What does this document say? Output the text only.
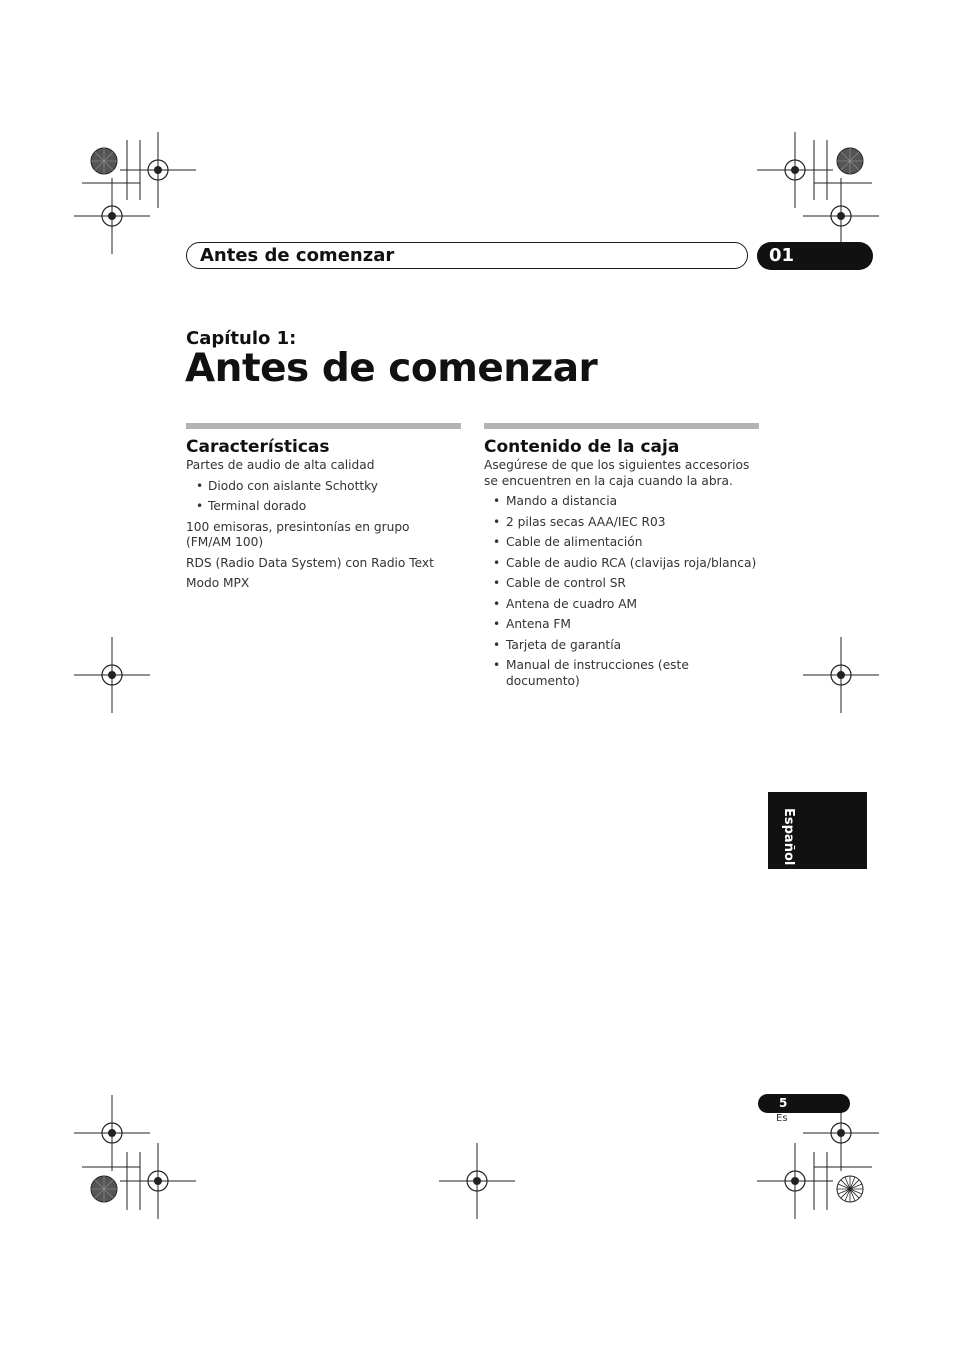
Antes de comenzar	01
Capítulo 1:
Antes de comenzar
Características

Partes de audio de alta calidad

• Diodo con aislante Schottky
• Terminal dorado

100 emisoras, presintonías en grupo (FM/AM 100)

RDS (Radio Data System) con Radio Text

Modo MPX

Contenido de la caja

Asegúrese de que los siguientes accesorios se encuentren en la caja cuando la abra.

• Mando a distancia
• 2 pilas secas AAA/IEC R03
• Cable de alimentación
• Cable de audio RCA (clavijas roja/blanca)
• Cable de control SR
• Antena de cuadro AM
• Antena FM
• Tarjeta de garantía
• Manual de instrucciones (este documento)
Español
5
Es
